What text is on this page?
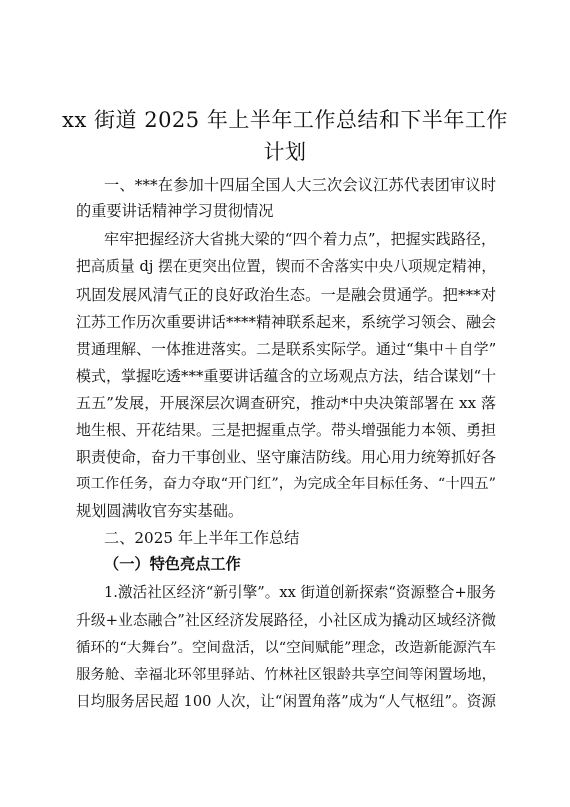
xx 街道 2025 年上半年工作总结和下半年工作
计划
一、***在参加十四届全国人大三次会议江苏代表团审议时
的重要讲话精神学习贯彻情况
牢牢把握经济大省挑大梁的“四个着力点”，把握实践路径，
把高质量 dj 摆在更突出位置，锲而不舍落实中央八项规定精神，
巩固发展风清气正的良好政治生态。一是融会贯通学。把***对
江苏工作历次重要讲话****精神联系起来，系统学习领会、融会
贯通理解、一体推进落实。二是联系实际学。通过“集中＋自学”
模式，掌握吃透***重要讲话蕴含的立场观点方法，结合谋划“十
五五”发展，开展深层次调查研究，推动*中央决策部署在 xx 落
地生根、开花结果。三是把握重点学。带头增强能力本领、勇担
职责使命，奋力干事创业、坚守廉洁防线。用心用力统筹抓好各
项工作任务，奋力夺取“开门红”，为完成全年目标任务、“十四五”
规划圆满收官夯实基础。
二、2025 年上半年工作总结
（一）特色亮点工作
1.激活社区经济“新引擎”。xx 街道创新探索“资源整合+服务
升级+业态融合”社区经济发展路径，小社区成为撬动区域经济微
循环的“大舞台”。空间盘活，以“空间赋能”理念，改造新能源汽车
服务舱、幸福北环邻里驿站、竹林社区银龄共享空间等闲置场地，
日均服务居民超 100 人次，让“闲置角落”成为“人气枢纽”。资源
